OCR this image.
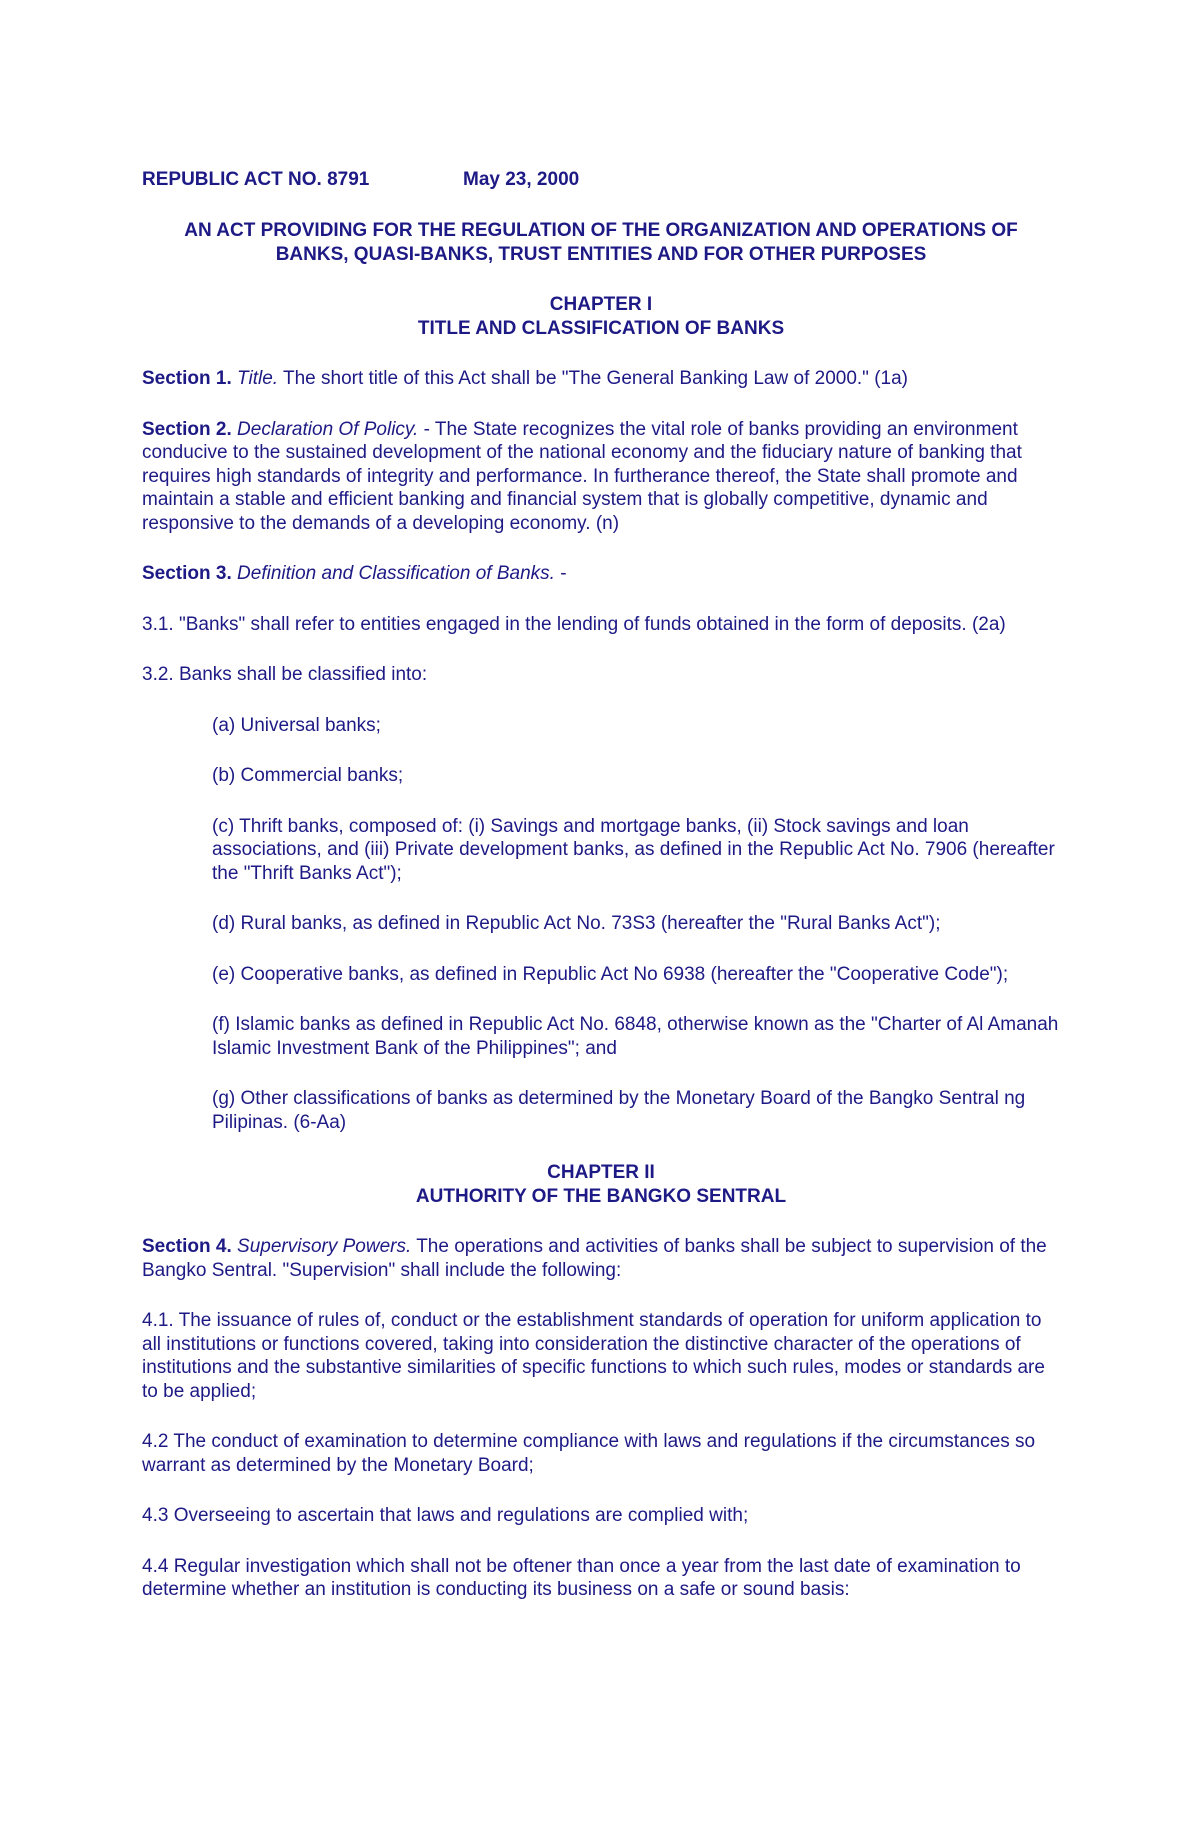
REPUBLIC ACT NO. 8791	May 23, 2000

AN ACT PROVIDING FOR THE REGULATION OF THE ORGANIZATION AND OPERATIONS OF
BANKS, QUASI-BANKS, TRUST ENTITIES AND FOR OTHER PURPOSES
CHAPTER I
TITLE AND CLASSIFICATION OF BANKS

Section 1. Title. The short title of this Act shall be "The General Banking Law of 2000." (1a)

Section 2. Declaration Of Policy. - The State recognizes the vital role of banks providing an environment conducive to the sustained development of the national economy and the fiduciary nature of banking that requires high standards of integrity and performance. In furtherance thereof, the State shall promote and maintain a stable and efficient banking and financial system that is globally competitive, dynamic and responsive to the demands of a developing economy. (n)

Section 3. Definition and Classification of Banks. -

3.1. "Banks" shall refer to entities engaged in the lending of funds obtained in the form of deposits. (2a)

3.2. Banks shall be classified into:

(a) Universal banks;

(b) Commercial banks;

(c) Thrift banks, composed of: (i) Savings and mortgage banks, (ii) Stock savings and loan associations, and (iii) Private development banks, as defined in the Republic Act No. 7906 (hereafter the "Thrift Banks Act");

(d) Rural banks, as defined in Republic Act No. 73S3 (hereafter the "Rural Banks Act");

(e) Cooperative banks, as defined in Republic Act No 6938 (hereafter the "Cooperative Code");

(f) Islamic banks as defined in Republic Act No. 6848, otherwise known as the "Charter of Al Amanah Islamic Investment Bank of the Philippines"; and

(g) Other classifications of banks as determined by the Monetary Board of the Bangko Sentral ng Pilipinas. (6-Aa)

CHAPTER II
AUTHORITY OF THE BANGKO SENTRAL

Section 4. Supervisory Powers. The operations and activities of banks shall be subject to supervision of the Bangko Sentral. "Supervision" shall include the following:

4.1. The issuance of rules of, conduct or the establishment standards of operation for uniform application to all institutions or functions covered, taking into consideration the distinctive character of the operations of institutions and the substantive similarities of specific functions to which such rules, modes or standards are to be applied;

4.2 The conduct of examination to determine compliance with laws and regulations if the circumstances so warrant as determined by the Monetary Board;

4.3 Overseeing to ascertain that laws and regulations are complied with;

4.4 Regular investigation which shall not be oftener than once a year from the last date of examination to determine whether an institution is conducting its business on a safe or sound basis:
